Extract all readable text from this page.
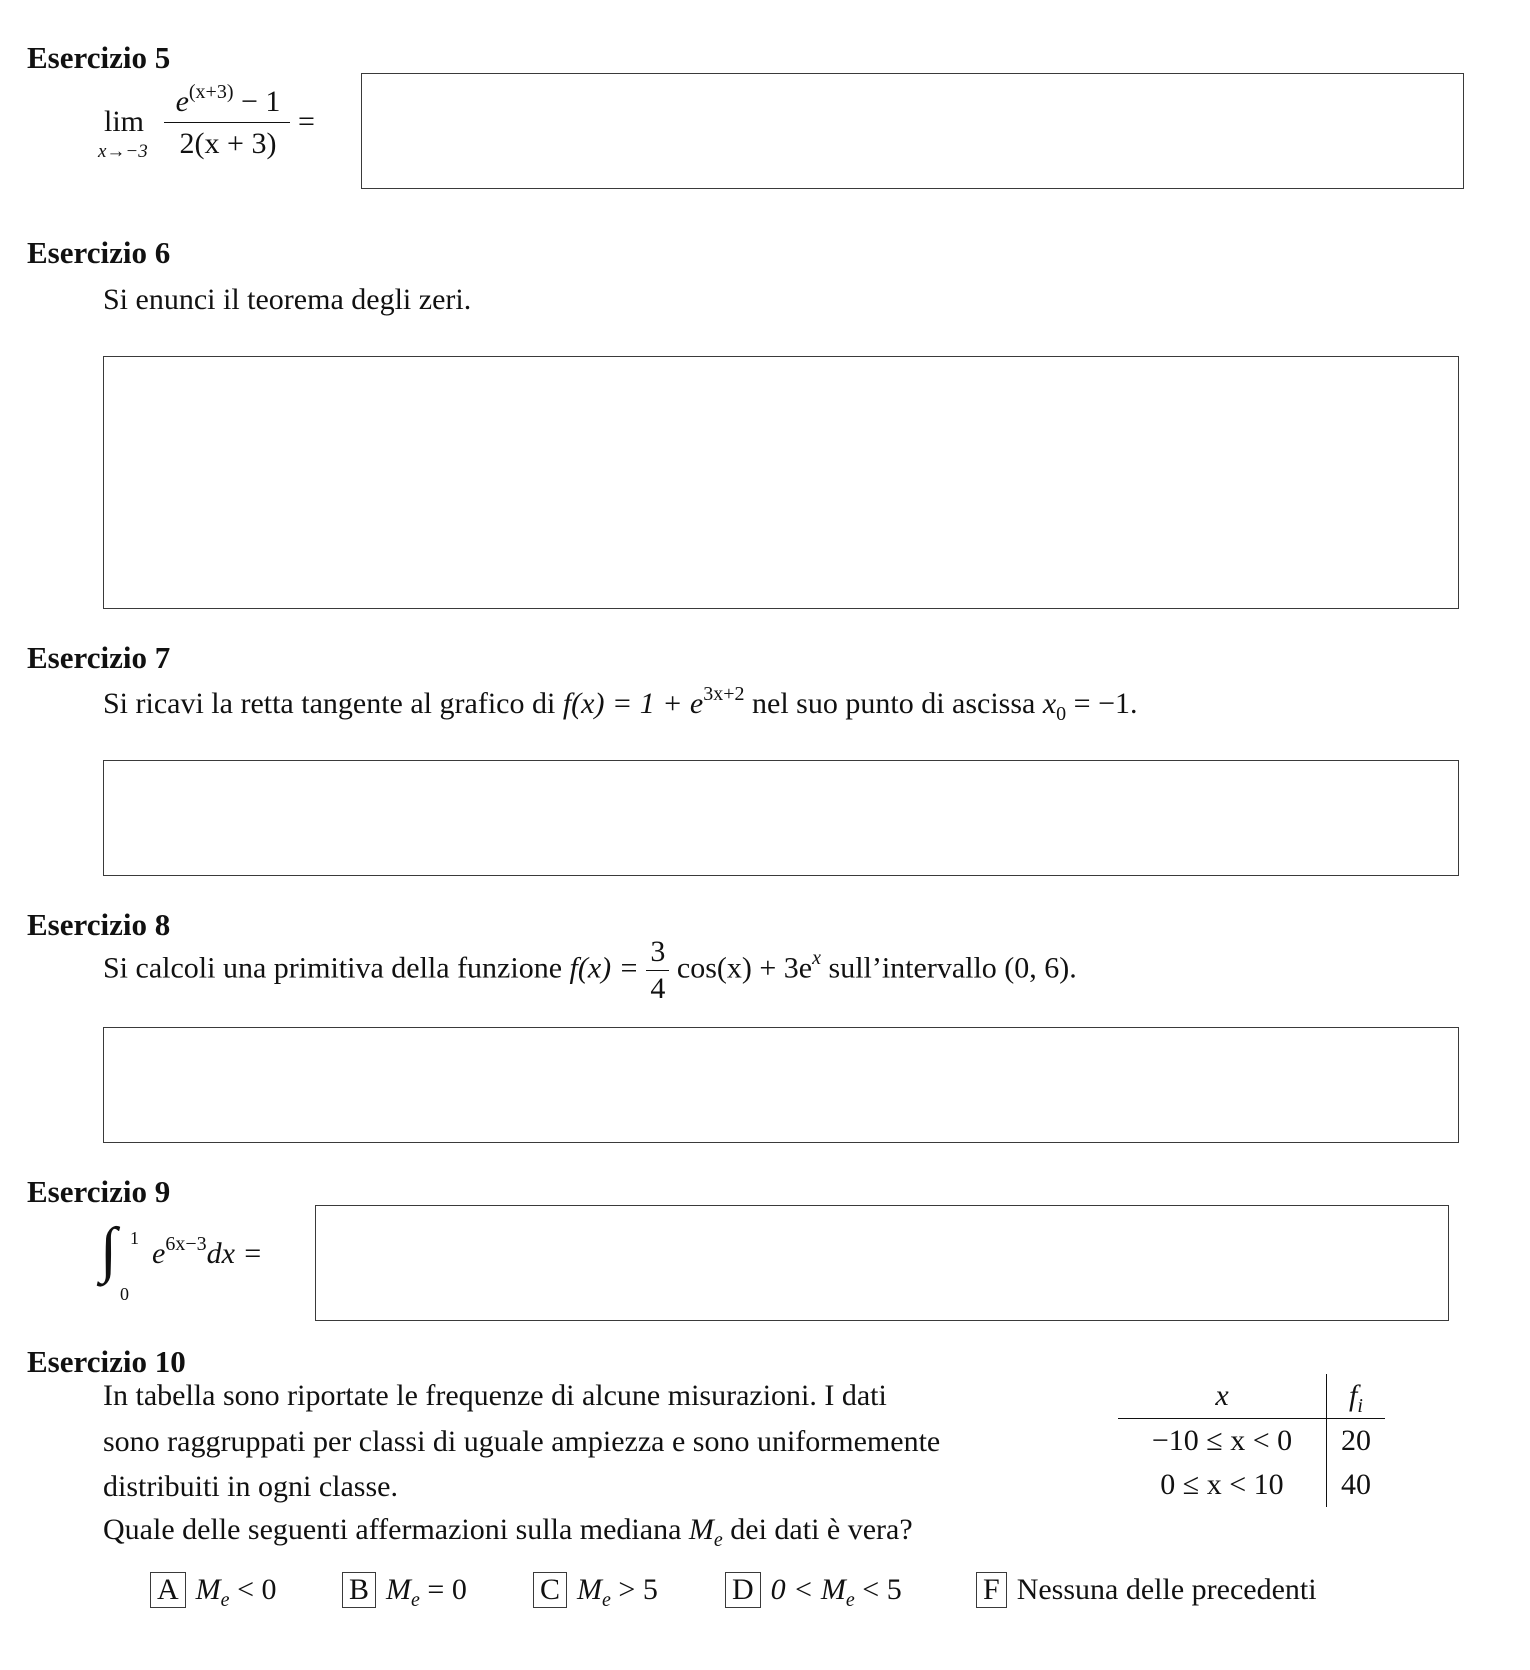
Esercizio 5
lim
x→−3
$e^{(x+3)} - 1$
2(x + 3)
=
Esercizio 6
Si enunci il teorema degli zeri.
Esercizio 7
Si ricavi la retta tangente al grafico di $f(x) = 1 + e^{3x+2}$ nel suo punto di ascissa $x_0 = -1$.
Esercizio 8
Si calcoli una primitiva della funzione $f(x) = \frac{3}{4} \cos(x) + 3e^x$ sull’intervallo (0, 6).
Esercizio 9
∫ 1
0
$e^{6x-3}dx$ =
Esercizio 10
In tabella sono riportate le frequenze di alcune misurazioni. I dati
sono raggruppati per classi di uguale ampiezza e sono uniformemente
distribuiti in ogni classe.
Quale delle seguenti affermazioni sulla mediana $M_e$ dei dati è vera?
x	$f_i$
−10 ≤ x < 0	20
0 ≤ x < 10	40
A $M_e < 0$ B $M_e = 0$ C $M_e > 5$ D $0 < M_e < 5$	F Nessuna delle precedenti
